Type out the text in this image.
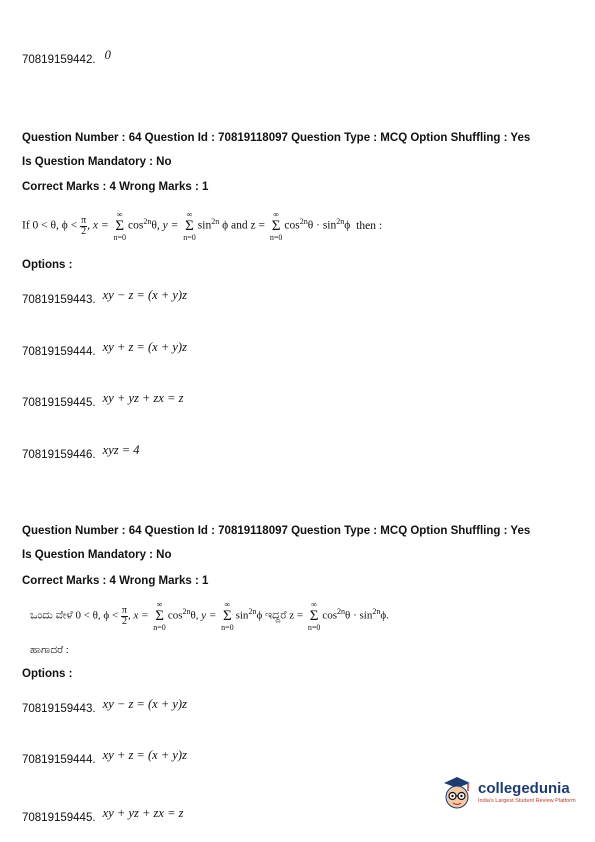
70819159442. $^0$
Question Number : 64 Question Id : 70819118097 Question Type : MCQ Option Shuffling : Yes
Is Question Mandatory : No
Correct Marks : 4 Wrong Marks : 1
If 0 < θ, $\phi < \frac{\pi}{2}$ , x = ∞
Σ
$n=0\cos^{2n}\theta$, y = ∞
Σ
$n=0\sin^{2n}$ ϕ and z = ∞
Σ
$n=0\cos^{2n}\theta \cdot \sin^{2n}\phi$ then :
Options :
70819159443. $^{xy - z = (x + y)z}$
70819159444. $^{xy + z = (x + y)z}$
70819159445. $^{xy + yz + zx = z}$
70819159446. $^{xyz = 4}$
Question Number : 64 Question Id : 70819118097 Question Type : MCQ Option Shuffling : Yes
Is Question Mandatory : No
Correct Marks : 4 Wrong Marks : 1
ಒಂದು ವೇಳೆ 0 < θ, $\phi < \frac{\pi}{2}$ , x = ∞
Σ
$n=0\cos^{2n}\theta$, y = ∞
Σ
$n=0\sin^{2n}\phi$ ಇದ್ದರೆ z = ∞
Σ
$n=0\cos^{2n}\theta \cdot \sin^{2n}\phi$.
ಹಾಗಾದರೆ :
Options :
70819159443. $^{xy - z = (x + y)z}$
70819159444. $^{xy + z = (x + y)z}$
70819159445. $^{xy + yz + zx = z}$
collegedunia
India's Largest Student Review Platform
